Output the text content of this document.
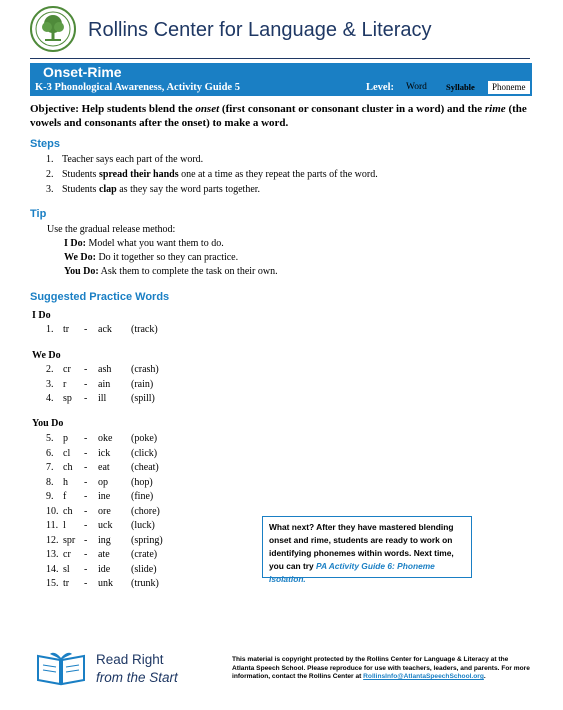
Rollins Center for Language & Literacy
Onset-Rime
K-3 Phonological Awareness, Activity Guide 5	Level:	Word	Syllable	Phoneme
Objective: Help students blend the onset (first consonant or consonant cluster in a word) and the rime (the vowels and consonants after the onset) to make a word.
Steps
1. Teacher says each part of the word.
2. Students spread their hands one at a time as they repeat the parts of the word.
3. Students clap as they say the word parts together.
Tip
Use the gradual release method:
I Do: Model what you want them to do.
We Do: Do it together so they can practice.
You Do: Ask them to complete the task on their own.
Suggested Practice Words
I Do
1. tr - ack (track)
We Do
2. cr - ash (crash)
3. r - ain (rain)
4. sp - ill (spill)
You Do
5. p - oke (poke)
6. cl - ick (click)
7. ch - eat (cheat)
8. h - op (hop)
9. f - ine (fine)
10. ch - ore (chore)
11. l - uck (luck)
12. spr - ing (spring)
13. cr - ate (crate)
14. sl - ide (slide)
15. tr - unk (trunk)
What next? After they have mastered blending onset and rime, students are ready to work on identifying phonemes within words. Next time, you can try PA Activity Guide 6: Phoneme Isolation.
Read Right
from the Start
This material is copyright protected by the Rollins Center for Language & Literacy at the Atlanta Speech School. Please reproduce for use with teachers, leaders, and parents. For more information, contact the Rollins Center at RollinsInfo@AtlantaSpeechSchool.org.
